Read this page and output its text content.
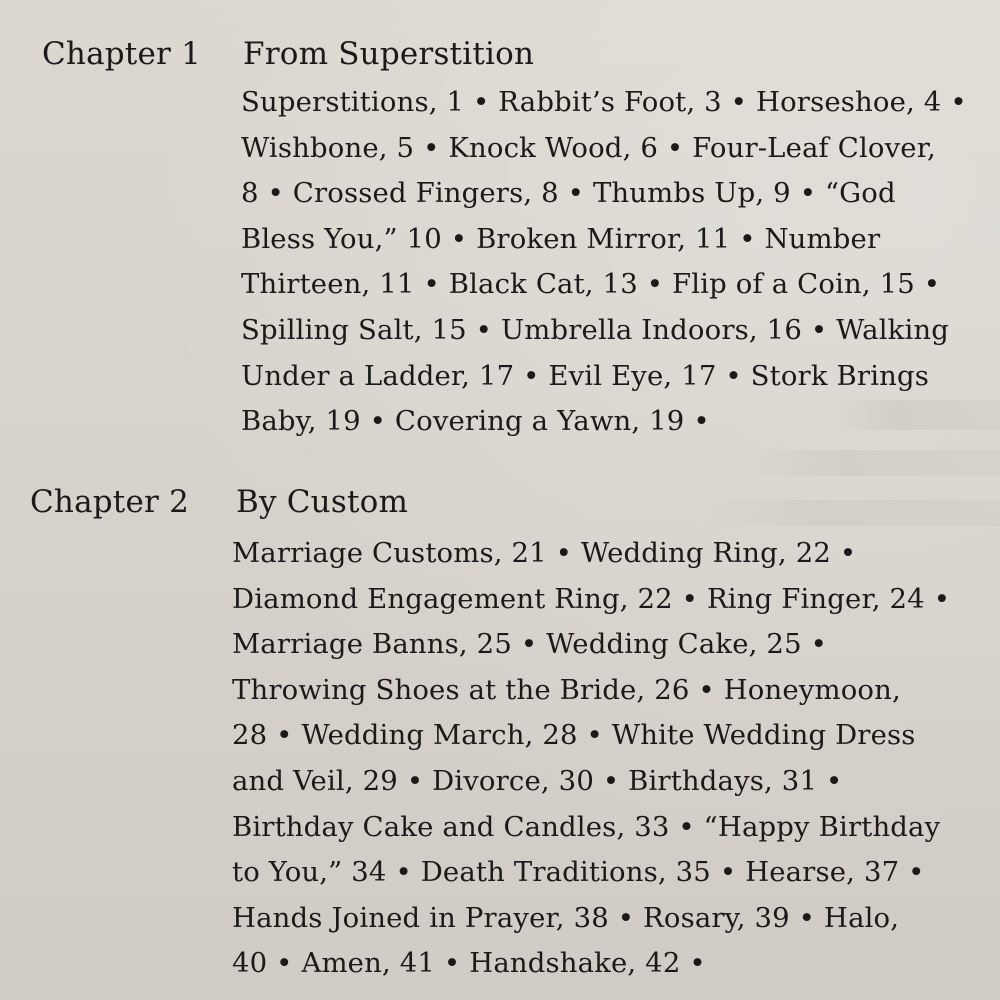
Chapter 1 From Superstition
Superstitions, 1 • Rabbit’s Foot, 3 • Horseshoe, 4 •
Wishbone, 5 • Knock Wood, 6 • Four-Leaf Clover,
8 • Crossed Fingers, 8 • Thumbs Up, 9 • “God
Bless You,” 10 • Broken Mirror, 11 • Number
Thirteen, 11 • Black Cat, 13 • Flip of a Coin, 15 •
Spilling Salt, 15 • Umbrella Indoors, 16 • Walking
Under a Ladder, 17 • Evil Eye, 17 • Stork Brings
Baby, 19 • Covering a Yawn, 19 •
Chapter 2 By Custom
Marriage Customs, 21 • Wedding Ring, 22 •
Diamond Engagement Ring, 22 • Ring Finger, 24 •
Marriage Banns, 25 • Wedding Cake, 25 •
Throwing Shoes at the Bride, 26 • Honeymoon,
28 • Wedding March, 28 • White Wedding Dress
and Veil, 29 • Divorce, 30 • Birthdays, 31 •
Birthday Cake and Candles, 33 • “Happy Birthday
to You,” 34 • Death Traditions, 35 • Hearse, 37 •
Hands Joined in Prayer, 38 • Rosary, 39 • Halo,
40 • Amen, 41 • Handshake, 42 •
